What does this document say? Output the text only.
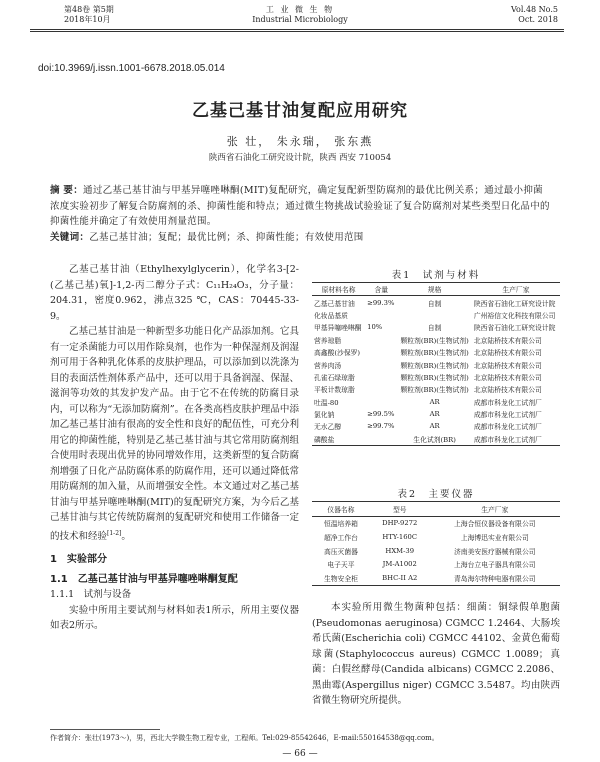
第48卷 第5期
2018年10月
工 业 微 生 物
Industrial Microbiology
Vol.48 No.5
Oct. 2018
doi:10.3969/j.issn.1001-6678.2018.05.014
乙基己基甘油复配应用研究
张 壮， 朱永瑞， 张东燕
陕西省石油化工研究设计院，陕西 西安 710054

摘 要：通过乙基己基甘油与甲基异噻唑啉酮(MIT)复配研究，确定复配新型防腐剂的最优比例关系；通过最小抑菌浓度实验初步了解复合防腐剂的杀、抑菌性能和特点；通过微生物挑战试验验证了复合防腐剂对某些类型日化品中的抑菌性能并确定了有效使用剂量范围。

关键词：乙基己基甘油；复配；最优比例；杀、抑菌性能；有效使用范围

乙基己基甘油（Ethylhexylglycerin），化学名3-[2-(乙基己基)氧]-1,2-丙二醇分子式：C₁₁H₂₄O₃，分子量：204.31，密度0.962，沸点325 ℃，CAS：70445-33-9。

乙基己基甘油是一种新型多功能日化产品添加剂。它具有一定杀菌能力可以用作除臭剂，也作为一种保湿剂及润湿剂可用于各种乳化体系的皮肤护理品，可以添加到以洗涤为目的表面活性剂体系产品中，还可以用于具备润湿、保湿、滋润等功效的其发护发产品。由于它不在传统的防腐目录内，可以称为“无添加防腐剂”。在各类高档皮肤护理品中添加乙基己基甘油有很高的安全性和良好的配伍性，可充分利用它的抑菌性能，特别是乙基己基甘油与其它常用防腐剂组合使用时表现出优异的协同增效作用，这类新型的复合防腐剂增强了日化产品防腐体系的防腐作用，还可以通过降低常用防腐剂的加入量，从而增强安全性。本文通过对乙基己基甘油与甲基异噻唑啉酮(MIT)的复配研究方案，为今后乙基己基甘油与其它传统防腐剂的复配研究和使用工作储备一定的技术和经验[1-2]。

1　实验部分

1.1　乙基己基甘油与甲基异噻唑啉酮复配

1.1.1　试剂与设备

实验中所用主要试剂与材料如表1所示，所用主要仪器如表2所示。

表1　试剂与材料
原材料名称	含量	规格	生产厂家
乙基己基甘油	≥99.3%	自制	陕西省石油化工研究设计院
化妆品基质			广州裕信文化科技有限公司
甲基异噻唑啉酮	10%	自制	陕西省石油化工研究设计院
营养琼脂		颗粒剂(BR)(生物试剂)	北京陆桥技术有限公司
高鑫酸(沙保罗)		颗粒剂(BR)(生物试剂)	北京陆桥技术有限公司
营养肉汤		颗粒剂(BR)(生物试剂)	北京陆桥技术有限公司
孔雀石绿琼脂		颗粒剂(BR)(生物试剂)	北京陆桥技术有限公司
平板计数琼脂		颗粒剂(BR)(生物试剂)	北京陆桥技术有限公司
吐温-80		AR	成都市科龙化工试剂厂
氯化钠	≥99.5%	AR	成都市科龙化工试剂厂
无水乙醇	≥99.7%	AR	成都市科龙化工试剂厂
磷酸盐		生化试剂(BR)	成都市科龙化工试剂厂
表2　主要仪器
仪器名称	型号	生产厂家
恒温培养箱	DHP-9272	上海合恒仪器设备有限公司
超净工作台	HTY-160C	上海博迅实业有限公司
高压灭菌器	HXM-39	济南美安医疗器械有限公司
电子天平	JM-A1002	上海台立电子器具有限公司
生物安全柜	BHC-II A2	青岛海尔特种电器有限公司

本实验所用微生物菌种包括：细菌：铜绿假单胞菌(Pseudomonas aeruginosa) CGMCC 1.2464、大肠埃希氏菌(Escherichia coli) CGMCC 44102、金黄色葡萄球菌(Staphylococcus aureus) CGMCC 1.0089；真菌：白假丝酵母(Candida albicans) CGMCC 2.2086、黑曲霉(Aspergillus niger) CGMCC 3.5487。均由陕西省微生物研究所提供。

作者简介：张壮(1973～)，男，西北大学微生物工程专业，工程师。Tel:029-85542646，E-mail:550164538@qq.com。
— 66 —
